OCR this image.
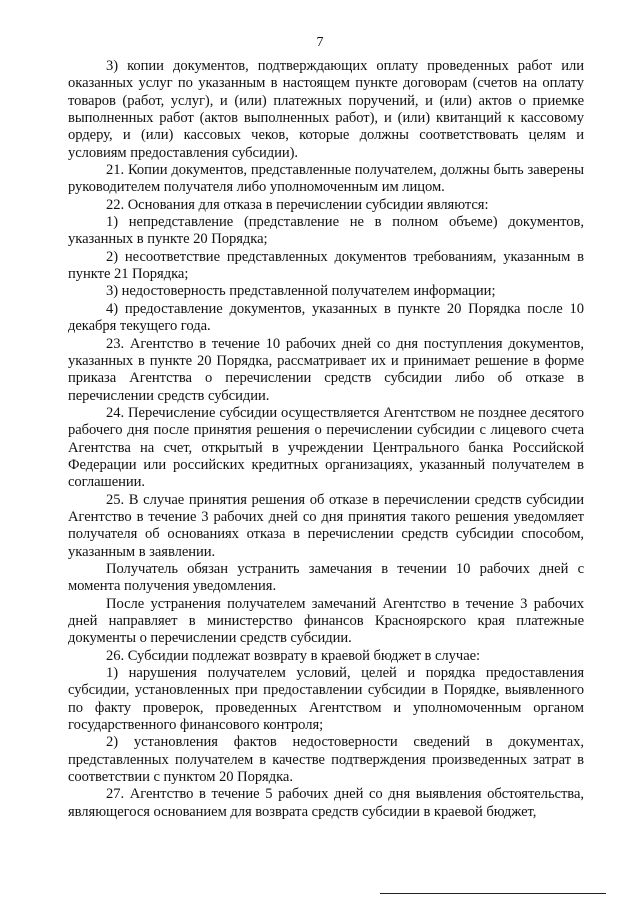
7

3) копии документов, подтверждающих оплату проведенных работ или оказанных услуг по указанным в настоящем пункте договорам (счетов на оплату товаров (работ, услуг), и (или) платежных поручений, и (или) актов о приемке выполненных работ (актов выполненных работ), и (или) квитанций к кассовому ордеру, и (или) кассовых чеков, которые должны соответствовать целям и условиям предоставления субсидии).

21. Копии документов, представленные получателем, должны быть заверены руководителем получателя либо уполномоченным им лицом.

22. Основания для отказа в перечислении субсидии являются:

1) непредставление (представление не в полном объеме) документов, указанных в пункте 20 Порядка;

2) несоответствие представленных документов требованиям, указанным в пункте 21 Порядка;

3) недостоверность представленной получателем информации;

4) предоставление документов, указанных в пункте 20 Порядка после 10 декабря текущего года.

23. Агентство в течение 10 рабочих дней со дня поступления документов, указанных в пункте 20 Порядка, рассматривает их и принимает решение в форме приказа Агентства о перечислении средств субсидии либо об отказе в перечислении средств субсидии.

24. Перечисление субсидии осуществляется Агентством не позднее десятого рабочего дня после принятия решения о перечислении субсидии с лицевого счета Агентства на счет, открытый в учреждении Центрального банка Российской Федерации или российских кредитных организациях, указанный получателем в соглашении.

25. В случае принятия решения об отказе в перечислении средств субсидии Агентство в течение 3 рабочих дней со дня принятия такого решения уведомляет получателя об основаниях отказа в перечислении средств субсидии способом, указанным в заявлении.

Получатель обязан устранить замечания в течении 10 рабочих дней с момента получения уведомления.

После устранения получателем замечаний Агентство в течение 3 рабочих дней направляет в министерство финансов Красноярского края платежные документы о перечислении средств субсидии.

26. Субсидии подлежат возврату в краевой бюджет в случае:

1) нарушения получателем условий, целей и порядка предоставления субсидии, установленных при предоставлении субсидии в Порядке, выявленного по факту проверок, проведенных Агентством и уполномоченным органом государственного финансового контроля;

2) установления фактов недостоверности сведений в документах, представленных получателем в качестве подтверждения произведенных затрат в соответствии с пунктом 20 Порядка.

27. Агентство в течение 5 рабочих дней со дня выявления обстоятельства, являющегося основанием для возврата средств субсидии в краевой бюджет,
